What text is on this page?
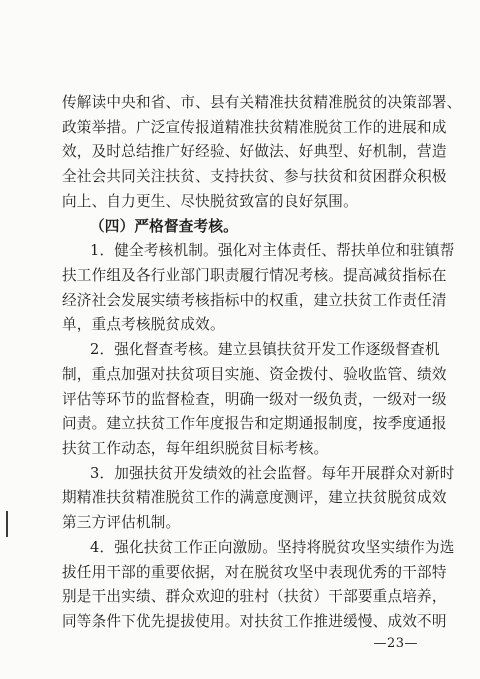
传解读中央和省、市、县有关精准扶贫精准脱贫的决策部署、
政策举措。广泛宣传报道精准扶贫精准脱贫工作的进展和成
效，及时总结推广好经验、好做法、好典型、好机制，营造
全社会共同关注扶贫、支持扶贫、参与扶贫和贫困群众积极
向上、自力更生、尽快脱贫致富的良好氛围。
（四）严格督查考核。
1．健全考核机制。强化对主体责任、帮扶单位和驻镇帮
扶工作组及各行业部门职责履行情况考核。提高减贫指标在
经济社会发展实绩考核指标中的权重，建立扶贫工作责任清
单，重点考核脱贫成效。
2．强化督查考核。建立县镇扶贫开发工作逐级督查机
制，重点加强对扶贫项目实施、资金拨付、验收监管、绩效
评估等环节的监督检查，明确一级对一级负责，一级对一级
问责。建立扶贫工作年度报告和定期通报制度，按季度通报
扶贫工作动态，每年组织脱贫目标考核。
3．加强扶贫开发绩效的社会监督。每年开展群众对新时
期精准扶贫精准脱贫工作的满意度测评，建立扶贫脱贫成效
第三方评估机制。
4．强化扶贫工作正向激励。坚持将脱贫攻坚实绩作为选
拔任用干部的重要依据，对在脱贫攻坚中表现优秀的干部特
别是干出实绩、群众欢迎的驻村（扶贫）干部要重点培养，
同等条件下优先提拔使用。对扶贫工作推进缓慢、成效不明
—23—
